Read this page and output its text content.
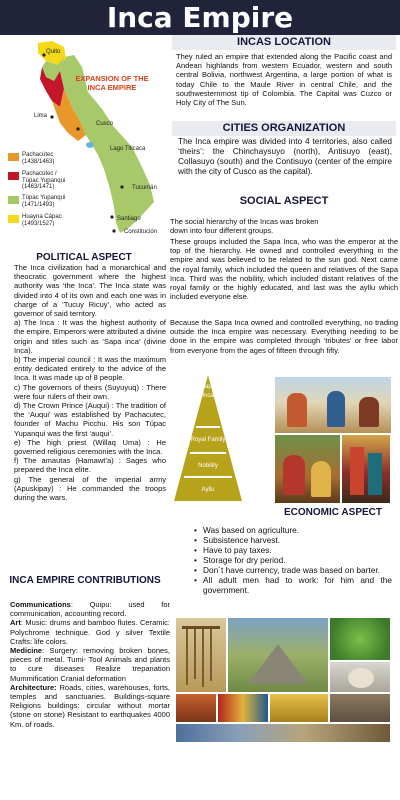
Inca Empire
EXPANSION OF THE
INCA EMPIRE
Quito
Lima
Cusco
Lago Titicaca
Tucumán
Santiago
Constitución
Pachacútec
(1438/1463)
Pachacútec /
Túpac Yupanqui
(1463/1471)
Túpac Yupanqui
(1471/1493)
Huayna Cápac
(1493/1527)
INCAS LOCATION
They ruled an empire that extended along the Pacific coast and Andean highlands from western Ecuador, western and south central Bolivia, northwest Argentina, a large portion of what is today Chile to the Maule River in central Chile, and the southwesternmost tip of Colombia. The Capital was Cuzco or Holy City of The Sun.
CITIES ORGANIZATION
The Inca empire was divided into 4 territories, also called ‘theirs’: the Chinchaysuyo (north), Antisuyo (east), Collasuyo (south) and the Contisuyo (center of the empire with the city of Cusco as the capital).
SOCIAL ASPECT
The social hierarchy of the Incas was broken
down into four different groups.
These groups included the Sapa Inca, who was the emperor at the top of the hierarchy. He owned and controlled everything in the empire and was believed to be related to the sun god. Next came the royal family, which included the queen and relatives of the Sapa Inca. Third was the nobility, which included distant relatives of the royal family or the highly educated, and last was the ayllu which included everyone else.
Because the Sapa Inca owned and controlled everything, no trading outside the Inca empire was necessary. Everything needing to be done in the empire was completed through ‘tributes’ or free labor from everyone from the ages of fifteen through fifty.
POLITICAL ASPECT

The Inca civilization had a monarchical and theocratic government where the highest authority was ‘the Inca’. The Inca state was divided into 4 of its own and each one was in charge of a ‘Tucuy Ricuy’, who acted as governor of said territory.

a) The Inca : It was the highest authority of the empire. Emperors were attributed a divine origin and titles such as ‘Sapa inca’ (divine Inca).

b) The imperial council : It was the maximum entity dedicated entirely to the advice of the Inca. It was made up of 8 people.

c) The governors of theirs (Suyuyuq) : There were four rulers of their own.

d) The Crown Prince (Auqui) : The tradition of the ‘Auqui’ was established by Pachacutec, founder of Machu Picchu. His son Túpac Yupanqui was the first ‘auqui’.

e) The high priest (Willaq Uma) : He governed religious ceremonies with the Inca.

f) The amautas (Hamawt’a) : Sages who prepared the Inca elite.

g) The general of the imperial army (Apuskipay) : He commanded the troops during the wars.

Sapa
Inca
Royal Family
Nobility
Ayllu
ECONOMIC ASPECT
• Was based on agriculture.
• Subsistence harvest.
• Have to pay taxes.
• Storage for dry period.
• Don´t have currency, trade was based on barter.
• All adult men had to work: for him and the government.
INCA EMPIRE CONTRIBUTIONS

Communications: Quipu: used for communication, accounting record.

Art: Music: drums and bamboo flutes. Ceramic: Polychrome technique. God y silver Textile Crafts: life colors.

Medicine: Surgery: removing broken bones, pieces of metal. Tumi- Tool Animals and plants to cure diseases Realize trepanation Mummification Cranial deformation

Architecture: Roads, cities, warehouses, forts, temples and sanctuaries. Buildings-square Religions buildings: circular without mortar (stone on stone) Resistant to earthquakes 4000 Km. of roads.
